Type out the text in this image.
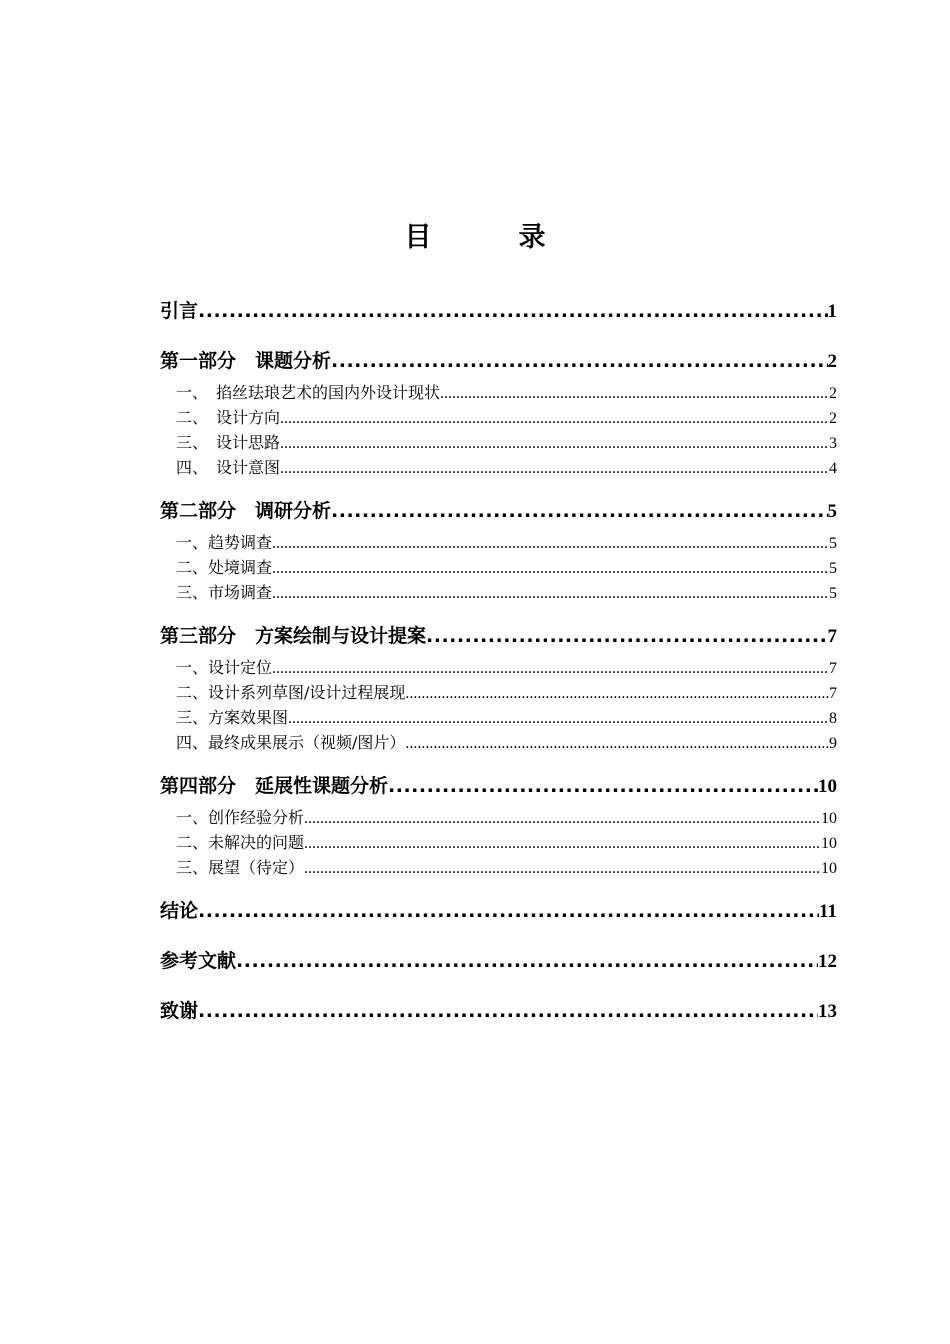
目　录
引言 .....	1
第一部分　课题分析 .....	2
一、　掐丝珐琅艺术的国内外设计现状 .....	2
二、　设计方向 .....	2
三、　设计思路 .....	3
四、　设计意图 .....	4
第二部分　调研分析 .....	5
一、趋势调查 .....	5
二、处境调查 .....	5
三、市场调查 .....	5
第三部分　方案绘制与设计提案 .....	7
一、设计定位 .....	7
二、设计系列草图/设计过程展现 .....	7
三、方案效果图 .....	8
四、最终成果展示（视频/图片） .....	9
第四部分　延展性课题分析 .....	10
一、创作经验分析 .....	10
二、未解决的问题 .....	10
三、展望（待定） .....	10
结论 .....	11
参考文献 .....	12
致谢 .....	13
